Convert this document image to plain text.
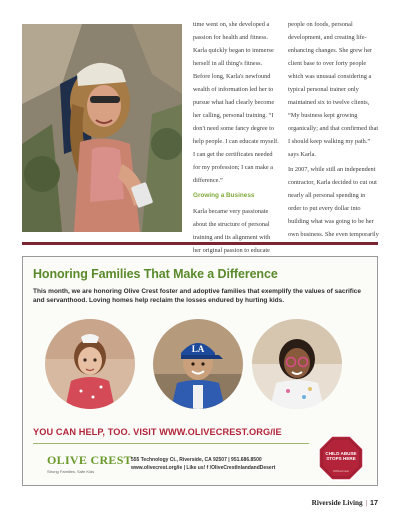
time went on, she developed a passion for health and fitness. Karla quickly began to immerse herself in all thing's fitness. Before long, Karla's newfound wealth of information led her to pursue what had clearly become her calling, personal training. “I don't need some fancy degree to help people. I can educate myself. I can get the certificates needed for my profession; I can make a difference.”

Growing a Business

Karla became very passionate about the structure of personal training and its alignment with her original passion to educate

people on foods, personal development, and creating life-enhancing changes. She grew her client base to over forty people which was unusual considering a typical personal trainer only maintained six to twelve clients, “My business kept growing organically; and that confirmed that I should keep walking my path.” says Karla.

In 2007, while still an independent contractor, Karla decided to cut out nearly all personal spending in order to put every dollar into building what was going to be her own business. She even temporarily

Honoring Families That Make a Difference
This month, we are honoring Olive Crest foster and adoptive families that exemplify the values of sacrifice and servanthood. Loving homes help reclaim the losses endured by hurting kids.
LA
YOU CAN HELP, TOO. VISIT WWW.OLIVECREST.ORG/IE
OLIVE CREST
Strong Families, Safe Kids
555 Technology Ct., Riverside, CA 92507 | 951.686.8500
www.olivecrest.org/ie | Like us! f /OliveCrestInlandandDesert
CHILD ABUSE STOPS HERE
#OliveCrest
Riverside Living | 17
